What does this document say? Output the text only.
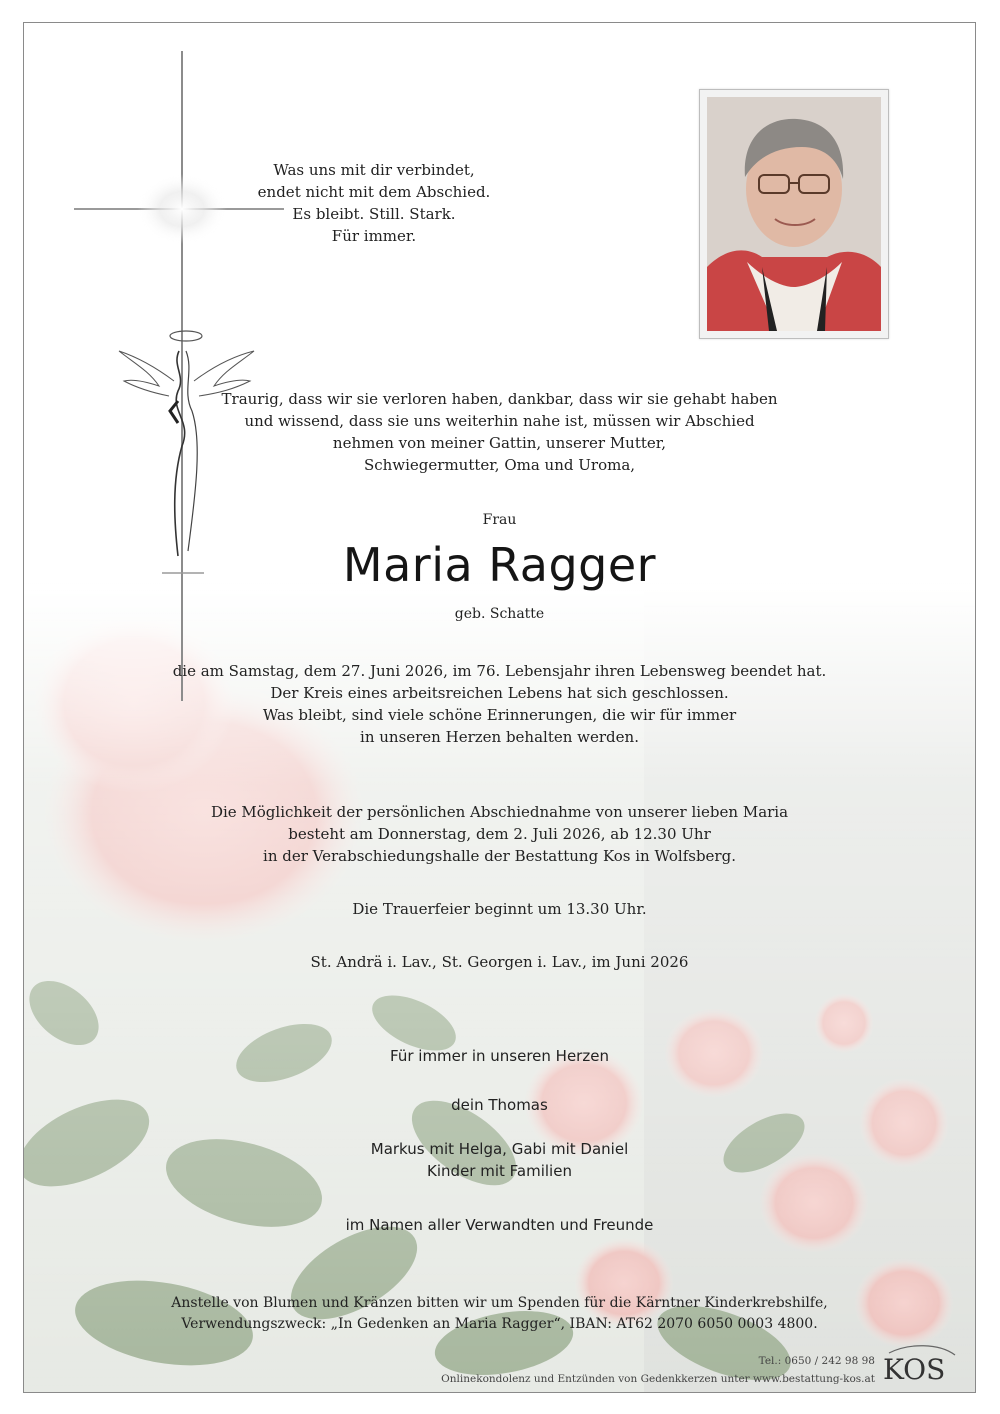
Was uns mit dir verbindet,
endet nicht mit dem Abschied.
Es bleibt. Still. Stark.
Für immer.
Traurig, dass wir sie verloren haben, dankbar, dass wir sie gehabt haben
und wissend, dass sie uns weiterhin nahe ist, müssen wir Abschied
nehmen von meiner Gattin, unserer Mutter,
Schwiegermutter, Oma und Uroma,
Frau
Maria Ragger
geb. Schatte
die am Samstag, dem 27. Juni 2026, im 76. Lebensjahr ihren Lebensweg beendet hat.
Der Kreis eines arbeitsreichen Lebens hat sich geschlossen.
Was bleibt, sind viele schöne Erinnerungen, die wir für immer
in unseren Herzen behalten werden.
Die Möglichkeit der persönlichen Abschiednahme von unserer lieben Maria
besteht am Donnerstag, dem 2. Juli 2026, ab 12.30 Uhr
in der Verabschiedungshalle der Bestattung Kos in Wolfsberg.
Die Trauerfeier beginnt um 13.30 Uhr.
St. Andrä i. Lav., St. Georgen i. Lav., im Juni 2026
Für immer in unseren Herzen
dein Thomas
Markus mit Helga, Gabi mit Daniel
Kinder mit Familien
im Namen aller Verwandten und Freunde
Anstelle von Blumen und Kränzen bitten wir um Spenden für die Kärntner Kinderkrebshilfe,
Verwendungszweck: „In Gedenken an Maria Ragger“, IBAN: AT62 2070 6050 0003 4800.
Tel.: 0650 / 242 98 98
Onlinekondolenz und Entzünden von Gedenkkerzen unter www.bestattung-kos.at KOS
